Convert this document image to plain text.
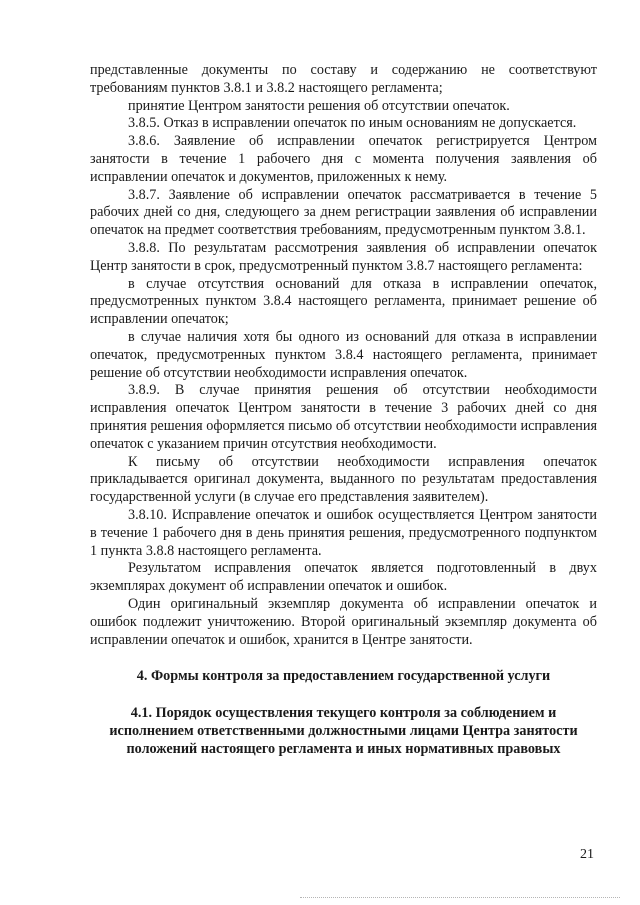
представленные документы по составу и содержанию не соответствуют требованиям пунктов 3.8.1 и 3.8.2 настоящего регламента;

принятие Центром занятости решения об отсутствии опечаток.

3.8.5. Отказ в исправлении опечаток по иным основаниям не допускается.

3.8.6. Заявление об исправлении опечаток регистрируется Центром занятости в течение 1 рабочего дня с момента получения заявления об исправлении опечаток и документов, приложенных к нему.

3.8.7. Заявление об исправлении опечаток рассматривается в течение 5 рабочих дней со дня, следующего за днем регистрации заявления об исправлении опечаток на предмет соответствия требованиям, предусмотренным пунктом 3.8.1.

3.8.8. По результатам рассмотрения заявления об исправлении опечаток Центр занятости в срок, предусмотренный пунктом 3.8.7 настоящего регламента:

в случае отсутствия оснований для отказа в исправлении опечаток, предусмотренных пунктом 3.8.4 настоящего регламента, принимает решение об исправлении опечаток;

в случае наличия хотя бы одного из оснований для отказа в исправлении опечаток, предусмотренных пунктом 3.8.4 настоящего регламента, принимает решение об отсутствии необходимости исправления опечаток.

3.8.9. В случае принятия решения об отсутствии необходимости исправления опечаток Центром занятости в течение 3 рабочих дней со дня принятия решения оформляется письмо об отсутствии необходимости исправления опечаток с указанием причин отсутствия необходимости.

К письму об отсутствии необходимости исправления опечаток прикладывается оригинал документа, выданного по результатам предоставления государственной услуги (в случае его представления заявителем).

3.8.10. Исправление опечаток и ошибок осуществляется Центром занятости в течение 1 рабочего дня в день принятия решения, предусмотренного подпунктом 1 пункта 3.8.8 настоящего регламента.

Результатом исправления опечаток является подготовленный в двух экземплярах документ об исправлении опечаток и ошибок.

Один оригинальный экземпляр документа об исправлении опечаток и ошибок подлежит уничтожению. Второй оригинальный экземпляр документа об исправлении опечаток и ошибок, хранится в Центре занятости.

4. Формы контроля за предоставлением государственной услуги

4.1. Порядок осуществления текущего контроля за соблюдением и исполнением ответственными должностными лицами Центра занятости положений настоящего регламента и иных нормативных правовых

21
